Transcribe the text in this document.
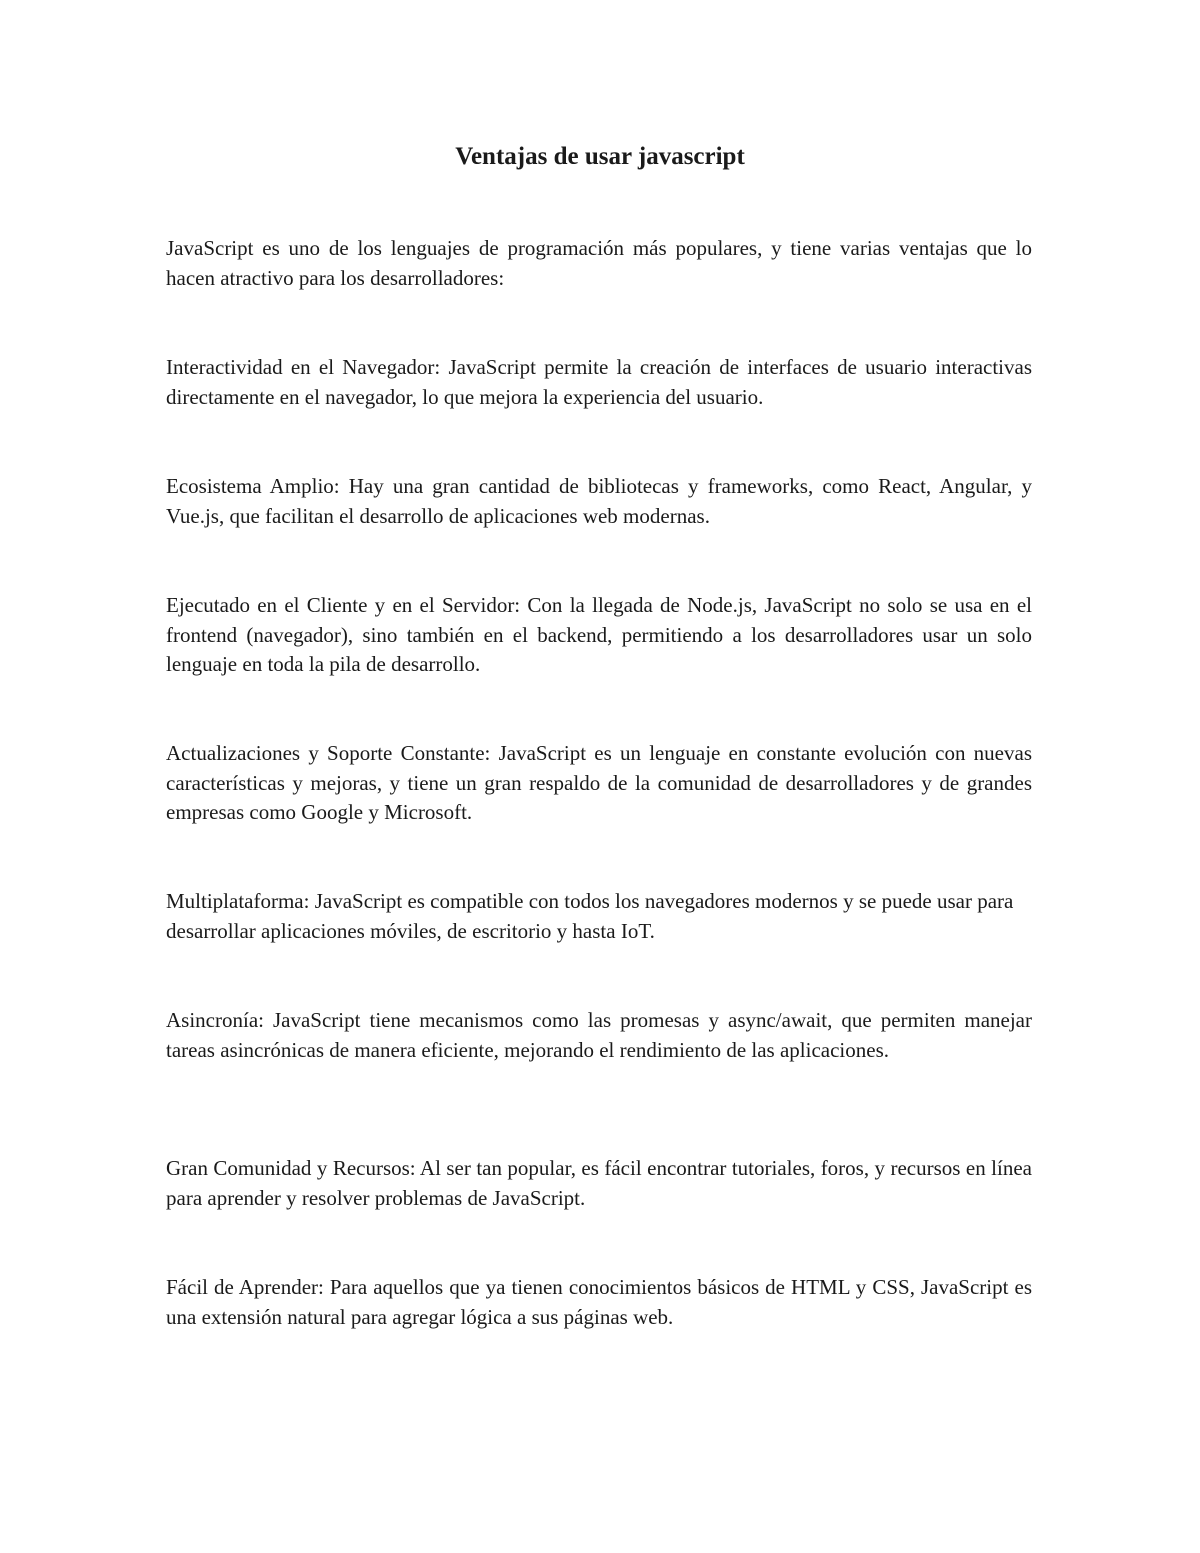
Ventajas de usar javascript

JavaScript es uno de los lenguajes de programación más populares, y tiene varias ventajas que lo hacen atractivo para los desarrolladores:

Interactividad en el Navegador: JavaScript permite la creación de interfaces de usuario interactivas directamente en el navegador, lo que mejora la experiencia del usuario.

Ecosistema Amplio: Hay una gran cantidad de bibliotecas y frameworks, como React, Angular, y Vue.js, que facilitan el desarrollo de aplicaciones web modernas.

Ejecutado en el Cliente y en el Servidor: Con la llegada de Node.js, JavaScript no solo se usa en el frontend (navegador), sino también en el backend, permitiendo a los desarrolladores usar un solo lenguaje en toda la pila de desarrollo.

Actualizaciones y Soporte Constante: JavaScript es un lenguaje en constante evolución con nuevas características y mejoras, y tiene un gran respaldo de la comunidad de desarrolladores y de grandes empresas como Google y Microsoft.

Multiplataforma: JavaScript es compatible con todos los navegadores modernos y se puede usar para desarrollar aplicaciones móviles, de escritorio y hasta IoT.

Asincronía: JavaScript tiene mecanismos como las promesas y async/await, que permiten manejar tareas asincrónicas de manera eficiente, mejorando el rendimiento de las aplicaciones.

Gran Comunidad y Recursos: Al ser tan popular, es fácil encontrar tutoriales, foros, y recursos en línea para aprender y resolver problemas de JavaScript.

Fácil de Aprender: Para aquellos que ya tienen conocimientos básicos de HTML y CSS, JavaScript es una extensión natural para agregar lógica a sus páginas web.
